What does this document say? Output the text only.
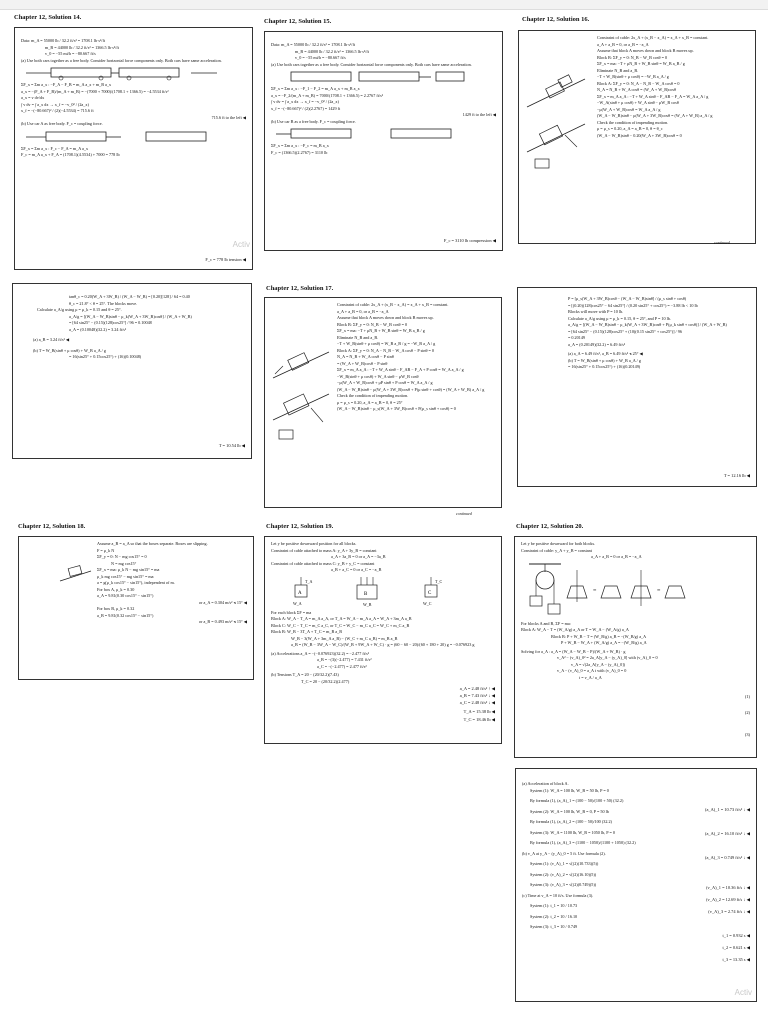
Chapter 12, Solution 14.
Data: m_A = 55000 lb / 32.2 ft/s² = 1708.1 lb·s²/ft
m_B = 44000 lb / 32.2 ft/s² = 1366.5 lb·s²/ft
v_0 = −55 mi/h = −80.667 ft/s
(a) Use both cars together as a free body. Consider horizontal force components only. Both cars have same acceleration.
ΣF_x = Σm a_x : −F_A − F_B = m_A a_x + m_B a_x
a_x = −(F_A + F_B)/(m_A + m_B) = −(7000 + 7000)/(1708.1 + 1366.5) = −4.5534 ft/s²
a_x = v dv/dx
∫ v dv = ∫ a_x dx → x_f = −v_0² / (2a_x)
x_f = −(−80.667)² / (2)(−4.5534) = 715.6 ft
715.6 ft to the left ◀
(b) Use car A as free body. F_c = coupling force.
ΣF_x = Σm a_x : F_c − F_A = m_A a_x
F_c = m_A a_x + F_A = (1708.1)(4.5534) + 7000 = 778 lb
F_c = 778 lb tension ◀
Activ
Chapter 12, Solution 15.
Data: m_A = 55000 lb / 32.2 ft/s² = 1708.1 lb·s²/ft
m_B = 44000 lb / 32.2 ft/s² = 1366.5 lb·s²/ft
v_0 = −55 mi/h = −80.667 ft/s
(a) Use both cars together as a free body. Consider horizontal force components only. Both cars have same acceleration.
ΣF_x = Σm a_x : −F_1 − F_2 = m_A a_x + m_B a_x
a_x = −F_2/(m_A + m_B) = 7000/(1708.1 + 1366.5) = 2.2767 ft/s²
∫ v dv = ∫ a_x dx → x_f = −v_0² / (2a_x)
x_f = −(−80.667)² / (2)(2.2767) = 1429 ft
1429 ft to the left ◀
(b) Use car B as a free body. F_c = coupling force.
ΣF_x = Σm a_x : −F_c = m_B a_x
F_c = (1366.5)(2.2767) = 3110 lb
F_c = 3110 lb compression ◀
Chapter 12, Solution 16.
Constraint of cable: 2x_A + (x_B − x_A) = x_A + x_B = constant.
a_A + a_B = 0, or a_B = −a_A
Assume that block A moves down and block B moves up.
Block B: ΣF_y = 0: N_B − W_B cosθ = 0
ΣF_x = ma: −T + μN_B + W_B sinθ = W_B a_B / g
Eliminate N_B and a_B.
−T + W_B(sinθ + μ cosθ) = −W_B a_A / g
Block A: ΣF_y = 0: N_A − N_B − W_A cosθ = 0
N_A = N_B + W_A cosθ = (W_A + W_B)cosθ
ΣF_x = m_A a_A : −T + W_A sinθ − F_AB − F_A = W_A a_A / g
−W_A(sinθ + μ cosθ) + W_A sinθ − μW_B cosθ
−μ(W_A + W_B)cosθ = W_A a_A / g
(W_A − W_B)sinθ − μ(W_A + 3W_B)cosθ = (W_A + W_B) a_A / g
Check the condition of impending motion.
μ = μ_s = 0.20, a_A = a_B = 0, θ = θ_c
(W_A − W_B)sinθ − 0.20(W_A + 3W_B)cosθ = 0
continued
tanθ_c = 0.20(W_A + 3W_B) / (W_A − W_B) = [0.20][128] / 64 = 0.40
θ_c = 21.8° < θ = 25°. The blocks move.
Calculate a_A/g using μ = μ_k = 0.15 and θ = 25°.
a_A/g = [(W_A − W_B)sinθ − μ_k(W_A + 3W_B)cosθ] / (W_A + W_B)
= [64 sin25° − (0.15)(128)cos25°] / 96 = 0.10048
a_A = (0.10048)(32.2) = 3.24 ft/s²
(a) a_B = 3.24 ft/s² ◀
(b) T = W_B(sinθ + μ cosθ) + W_B a_A / g
= 16(sin25° + 0.15cos25°) + (16)(0.10048)
T = 10.54 lb ◀
Chapter 12, Solution 17.
Constraint of cable: 2x_A + (x_B − x_A) = x_A + x_B = constant.
a_A + a_B = 0, or a_B = −a_A
Assume that block A moves down and block B moves up.
Block B: ΣF_y = 0: N_B − W_B cosθ = 0
ΣF_x = ma: −T + μN_B + W_B sinθ = W_B a_B / g
Eliminate N_B and a_B.
−T + W_B(sinθ + μ cosθ) = W_B a_B / g = −W_B a_A / g
Block A: ΣF_y = 0: N_A − N_B − W_A cosθ − P sinθ = 0
N_A = N_B + W_A cosθ − P sinθ
= (W_A + W_B)cosθ − P sinθ
ΣF_x = m_A a_A : −T + W_A sinθ − F_AB − F_A + P cosθ = W_A a_A / g
−W_B(sinθ + μ cosθ) + W_A sinθ − μW_B cosθ
−μ(W_A + W_B)cosθ + μP sinθ + P cosθ = W_A a_A / g
(W_A − W_B)sinθ − μ(W_A + 3W_B)cosθ + P(μ sinθ + cosθ) = (W_A + W_B) a_A / g
Check the condition of impending motion.
μ = μ_s = 0.20, a_A = a_B = 0, θ = 25°
(W_A − W_B)sinθ − μ_s(W_A + 3W_B)cosθ + P(μ_s sinθ + cosθ) = 0
continued
P = [μ_s(W_A + 3W_B)cosθ − (W_A − W_B)sinθ] / (μ_s sinθ + cosθ)
= [(0.20)(128)cos25° − 64 sin25°] / (0.20 sin25° + cos25°) = −3.88 lb < 10 lb
Blocks will move with P = 10 lb.
Calculate a_A/g using μ = μ_k = 0.15, θ = 25°, and P = 10 lb.
a_A/g = [(W_A − W_B)sinθ − μ_k(W_A + 3W_B)cosθ + P(μ_k sinθ + cosθ)] / (W_A + W_B)
= [64 sin25° − (0.15)(128)cos25° + (10)(0.15 sin25° + cos25°)] / 96
= 0.20149
a_A = (0.20149)(32.2) = 6.49 ft/s²
(a) a_A = 6.49 ft/s², a_B = 6.49 ft/s² ⦪ 25° ◀
(b) T = W_B(sinθ + μ cosθ) + W_B a_A / g
= 16(sin25° + 0.15cos25°) + (16)(0.20149)
T = 12.16 lb ◀
Chapter 12, Solution 18.
Assume a_B = a_A so that the boxes separate. Boxes are slipping.
F = μ_k N
ΣF_y = 0: N − mg cos15° = 0
N = mg cos15°
ΣF_x = ma: μ_k N − mg sin15° = ma
μ_k mg cos15° − mg sin15° = ma
a = g(μ_k cos15° − sin15°), independent of m.
For box A, μ_k = 0.30
a_A = 9.81(0.30 cos15° − sin15°)
or a_A = 0.304 m/s² ⦪ 15° ◀
For box B, μ_k = 0.32
a_B = 9.81(0.32 cos15° − sin15°)
or a_B = 0.493 m/s² ⦪ 15° ◀
Chapter 12, Solution 19.
Let y be positive downward position for all blocks.
Constraint of cable attached to mass A: y_A + 3y_B = constant
a_A + 3a_B = 0 or a_A = −3a_B
Constraint of cable attached to mass C: y_B + y_C = constant
a_B + a_C = 0 or a_C = −a_B
A
T_A
W_A
B
W_B
C
T_C
W_C
For each block ΣF = ma
Block A: W_A − T_A = m_A a_A, or T_A = W_A − m_A a_A = W_A + 3m_A a_B
Block C: W_C − T_C = m_C a_C, or T_C = W_C − m_C a_C = W_C + m_C a_B
Block B: W_B − 3T_A + T_C = m_B a_B
W_B − 3(W_A + 3m_A a_B) − (W_C + m_C a_B) = m_B a_B
a_B = (W_B − 3W_A − W_C)/(W_B + 9W_A + W_C) · g = (60 − 60 − 20)/(60 + 180 + 20) g = −0.076923 g
(a) Accelerations a_A = −(−0.076923)(32.2) = −2.477 ft/s²
a_B = −(3)(−2.477) = 7.431 ft/s²
a_C = −(−2.477) = 2.477 ft/s²
(b) Tensions T_A = 20 − (20/32.2)(7.43)
T_C = 20 − (20/32.2)(2.477)
a_A = 2.48 ft/s² ↑ ◀
a_B = 7.43 ft/s² ↓ ◀
a_C = 2.48 ft/s² ↓ ◀
T_A = 15.38 lb ◀
T_C = 18.46 lb ◀
Chapter 12, Solution 20.
Let y be positive downward for both blocks.
Constraint of cable: y_A + y_B = constant
a_A + a_B = 0 or a_B = −a_A
=	=
For blocks A and B, ΣF = ma:
Block A: W_A − T = (W_A/g) a_A or T = W_A − (W_A/g) a_A
Block B: P + W_B − T = (W_B/g) a_B = −(W_B/g) a_A
P + W_B − W_A + (W_A/g) a_A = −(W_B/g) a_A
Solving for a_A : a_A = (W_A − W_B − P)/(W_A + W_B) · g
v_A² − (v_A)_0² = 2a_A[y_A − (y_A)_0] with (v_A)_0 = 0
v_A = √(2a_A[y_A − (y_A)_0])
v_A − (v_A)_0 = a_A t with (v_A)_0 = 0
t = v_A / a_A
(1)
(2)
(3)
(a) Acceleration of block A.
System (1): W_A = 100 lb, W_B = 50 lb, P = 0
By formula (1), (a_A)_1 = (100 − 50)/(100 + 50) (32.2)
System (2): W_A = 100 lb, W_B = 0, P = 50 lb
By formula (1), (a_A)_2 = (100 − 50)/100 (32.2)
System (3): W_A = 1100 lb, W_B = 1050 lb, P = 0
By formula (1), (a_A)_3 = (1100 − 1050)/(1100 + 1050) (32.2)
(b) v_A at y_A − (y_A)_0 = 5 ft. Use formula (2).
System (1): (v_A)_1 = √((2)(10.733)(5))
System (2): (v_A)_2 = √((2)(16.10)(5))
System (3): (v_A)_3 = √((2)(0.749)(5))
(c) Time at v_A = 10 ft/s. Use formula (3).
System (1): t_1 = 10 / 10.73
System (2): t_2 = 10 / 16.10
System (3): t_3 = 10 / 0.749
(a_A)_1 = 10.73 ft/s² ↓ ◀
(a_A)_2 = 16.10 ft/s² ↓ ◀
(a_A)_3 = 0.749 ft/s² ↓ ◀
(v_A)_1 = 10.36 ft/s ↓ ◀
(v_A)_2 = 12.69 ft/s ↓ ◀
(v_A)_3 = 2.74 ft/s ↓ ◀
t_1 = 0.932 s ◀
t_2 = 0.621 s ◀
t_3 = 13.35 s ◀
Activ
